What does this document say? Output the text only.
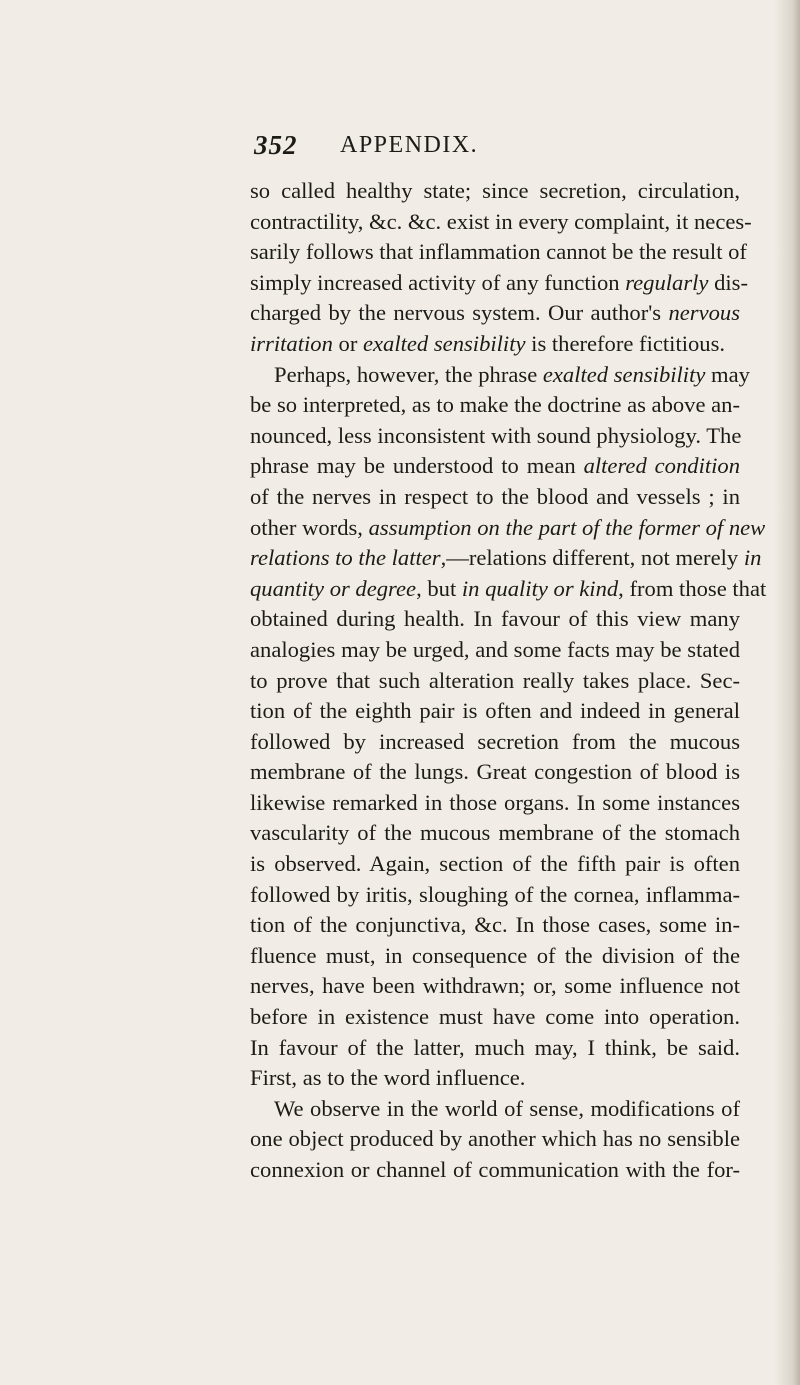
352 APPENDIX.
so called healthy state; since secretion, circulation,
contractility, &c. &c. exist in every complaint, it neces-
sarily follows that inflammation cannot be the result of
simply increased activity of any function regularly dis-
charged by the nervous system. Our author's nervous
irritation or exalted sensibility is therefore fictitious.
Perhaps, however, the phrase exalted sensibility may
be so interpreted, as to make the doctrine as above an-
nounced, less inconsistent with sound physiology. The
phrase may be understood to mean altered condition
of the nerves in respect to the blood and vessels ; in
other words, assumption on the part of the former of new
relations to the latter,—relations different, not merely in
quantity or degree, but in quality or kind, from those that
obtained during health. In favour of this view many
analogies may be urged, and some facts may be stated
to prove that such alteration really takes place. Sec-
tion of the eighth pair is often and indeed in general
followed by increased secretion from the mucous
membrane of the lungs. Great congestion of blood is
likewise remarked in those organs. In some instances
vascularity of the mucous membrane of the stomach
is observed. Again, section of the fifth pair is often
followed by iritis, sloughing of the cornea, inflamma-
tion of the conjunctiva, &c. In those cases, some in-
fluence must, in consequence of the division of the
nerves, have been withdrawn; or, some influence not
before in existence must have come into operation.
In favour of the latter, much may, I think, be said.
First, as to the word influence.
We observe in the world of sense, modifications of
one object produced by another which has no sensible
connexion or channel of communication with the for-
